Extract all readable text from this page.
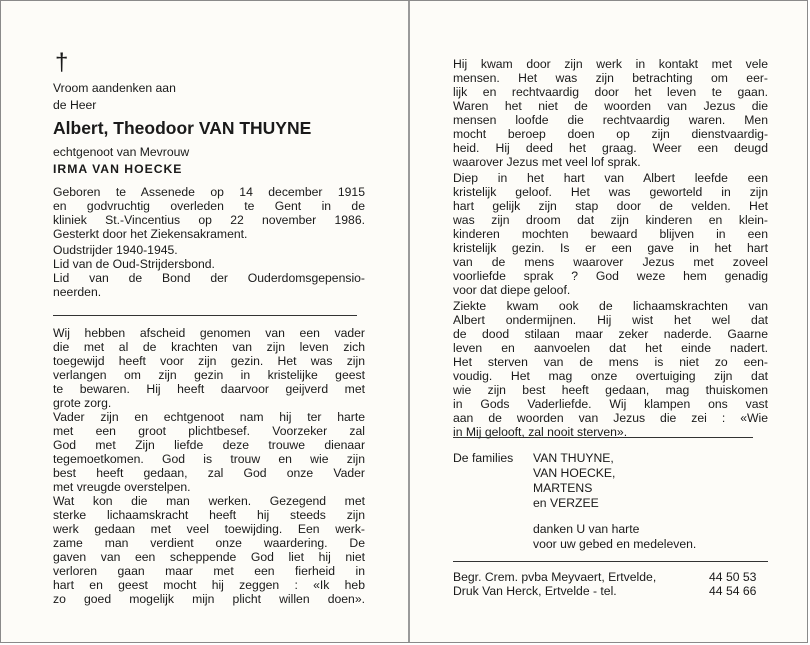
†
Vroom aandenken aan
de Heer
Albert, Theodoor VAN THUYNE
echtgenoot van Mevrouw
IRMA VAN HOECKE
Geboren te Assenede op 14 december 1915
en godvruchtig overleden te Gent in de
kliniek St.-Vincentius op 22 november 1986.
Gesterkt door het Ziekensakrament.
Oudstrijder 1940-1945.
Lid van de Oud-Strijdersbond.
Lid van de Bond der Ouderdomsgepensio-
neerden.
Wij hebben afscheid genomen van een vader
die met al de krachten van zijn leven zich
toegewijd heeft voor zijn gezin. Het was zijn
verlangen om zijn gezin in kristelijke geest
te bewaren. Hij heeft daarvoor geijverd met
grote zorg.
Vader zijn en echtgenoot nam hij ter harte
met een groot plichtbesef. Voorzeker zal
God met Zijn liefde deze trouwe dienaar
tegemoetkomen. God is trouw en wie zijn
best heeft gedaan, zal God onze Vader
met vreugde overstelpen.
Wat kon die man werken. Gezegend met
sterke lichaamskracht heeft hij steeds zijn
werk gedaan met veel toewijding. Een werk-
zame man verdient onze waardering. De
gaven van een scheppende God liet hij niet
verloren gaan maar met een fierheid in
hart en geest mocht hij zeggen : «Ik heb
zo goed mogelijk mijn plicht willen doen».
Hij kwam door zijn werk in kontakt met vele
mensen. Het was zijn betrachting om eer-
lijk en rechtvaardig door het leven te gaan.
Waren het niet de woorden van Jezus die
mensen loofde die rechtvaardig waren. Men
mocht beroep doen op zijn dienstvaardig-
heid. Hij deed het graag. Weer een deugd
waarover Jezus met veel lof sprak.
Diep in het hart van Albert leefde een
kristelijk geloof. Het was geworteld in zijn
hart gelijk zijn stap door de velden. Het
was zijn droom dat zijn kinderen en klein-
kinderen mochten bewaard blijven in een
kristelijk gezin. Is er een gave in het hart
van de mens waarover Jezus met zoveel
voorliefde sprak ? God weze hem genadig
voor dat diepe geloof.
Ziekte kwam ook de lichaamskrachten van
Albert ondermijnen. Hij wist het wel dat
de dood stilaan maar zeker naderde. Gaarne
leven en aanvoelen dat het einde nadert.
Het sterven van de mens is niet zo een-
voudig. Het mag onze overtuiging zijn dat
wie zijn best heeft gedaan, mag thuiskomen
in Gods Vaderliefde. Wij klampen ons vast
aan de woorden van Jezus die zei : «Wie
in Mij gelooft, zal nooit sterven».
De families VAN THUYNE,
VAN HOECKE,
MARTENS
en VERZEE
danken U van harte
voor uw gebed en medeleven.
Begr. Crem. pvba Meyvaert, Ertvelde,	44 50 53
Druk Van Herck, Ertvelde - tel.	44 54 66
